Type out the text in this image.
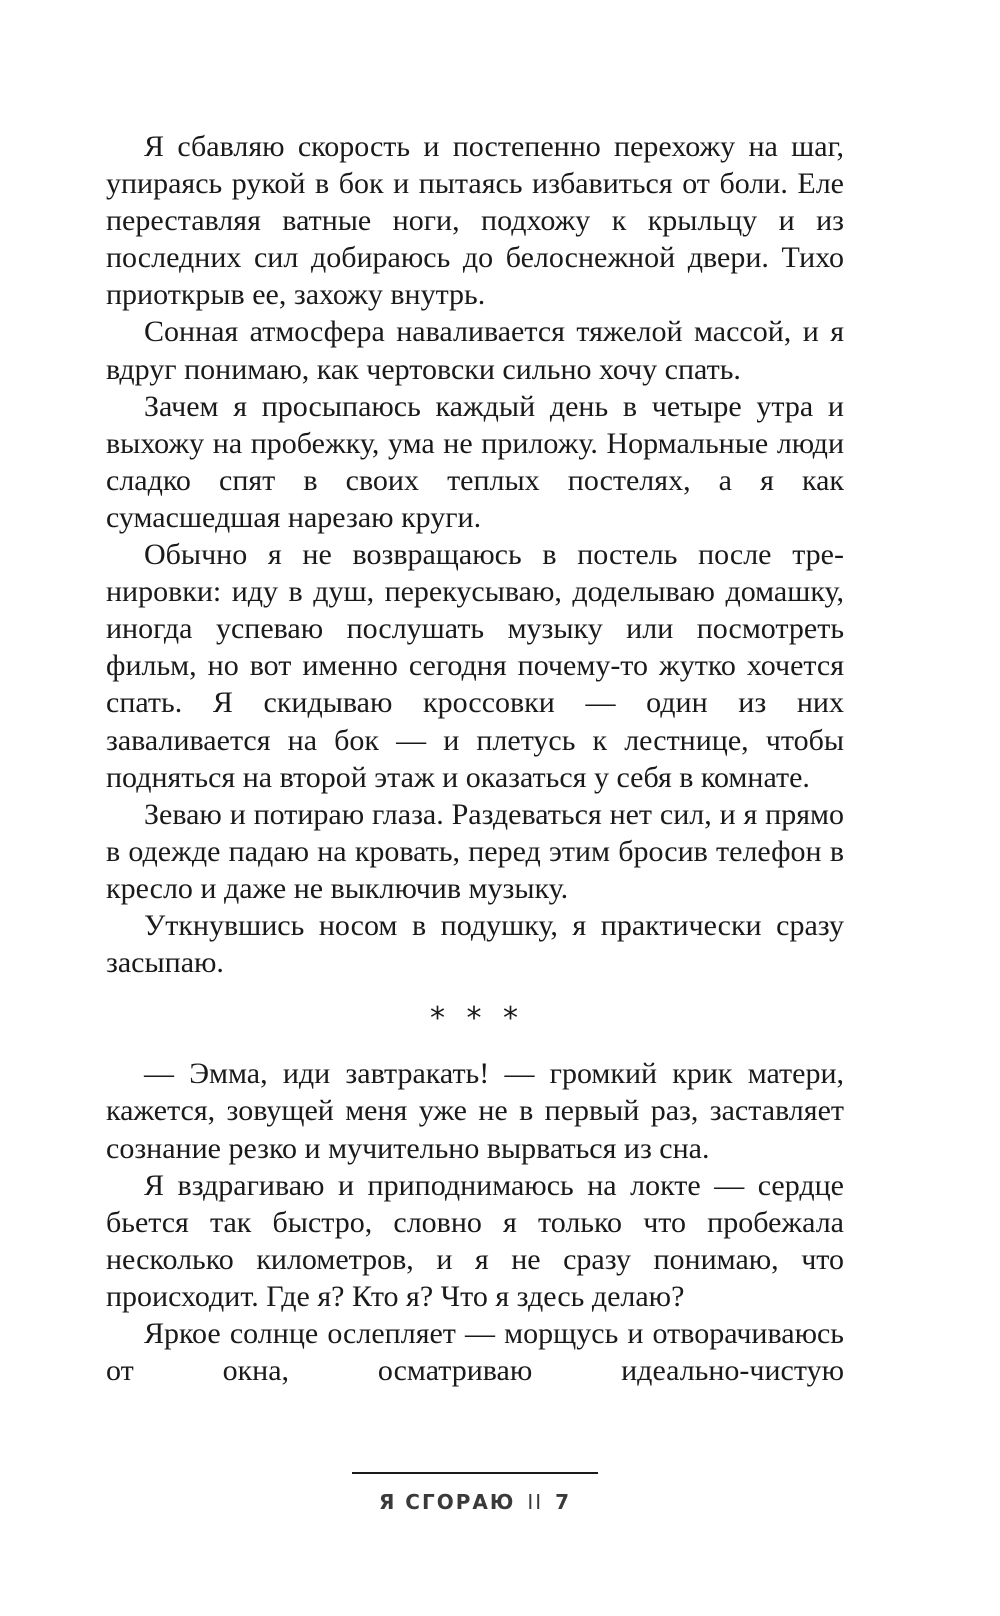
Я сбавляю скорость и постепенно перехожу на шаг, упираясь рукой в бок и пытаясь избавиться от боли. Еле переставляя ватные ноги, подхожу к крыльцу и из последних сил добираюсь до белоснежной двери. Тихо приоткрыв ее, захожу внутрь.

Сонная атмосфера наваливается тяжелой массой, и я вдруг понимаю, как чертовски сильно хочу спать.

Зачем я просыпаюсь каждый день в четыре утра и выхожу на пробежку, ума не приложу. Нормальные люди сладко спят в своих теплых постелях, а я как сумасшедшая нарезаю круги.

Обычно я не возвращаюсь в постель после тренировки: иду в душ, перекусываю, доделываю домашку, иногда успеваю послушать музыку или посмотреть фильм, но вот именно сегодня почему-то жутко хочется спать. Я скидываю кроссовки — один из них заваливается на бок — и плетусь к лестнице, чтобы подняться на второй этаж и оказаться у себя в комнате.

Зеваю и потираю глаза. Раздеваться нет сил, и я прямо в одежде падаю на кровать, перед этим бросив телефон в кресло и даже не выключив музыку.

Уткнувшись носом в подушку, я практически сразу засыпаю.

* * *

— Эмма, иди завтракать! — громкий крик матери, кажется, зовущей меня уже не в первый раз, заставляет сознание резко и мучительно вырваться из сна.

Я вздрагиваю и приподнимаюсь на локте — сердце бьется так быстро, словно я только что пробежала несколько километров, и я не сразу понимаю, что происходит. Где я? Кто я? Что я здесь делаю?

Яркое солнце ослепляет — морщусь и отворачиваюсь от окна, осматриваю идеально-чистую

Я СГОРАЮ II 7
